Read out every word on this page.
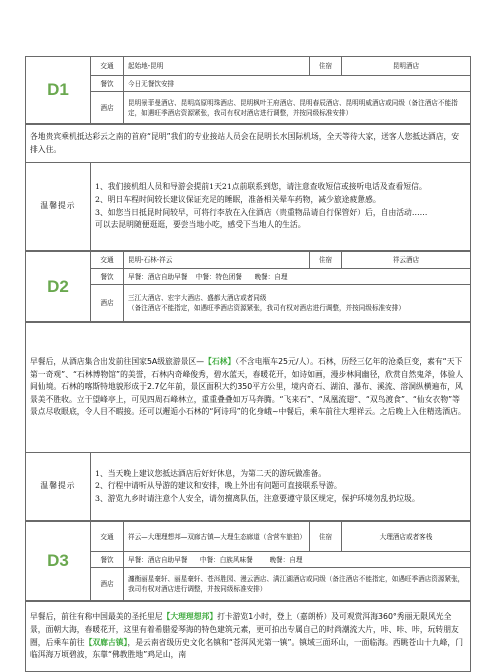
D1	交通	起始地-昆明	住宿	昆明酒店
	餐饮	今日无餐饮安排		
	酒店	昆明景菲曼酒店、昆明高原明珠酒店、昆明枫叶王府酒店、昆明春辰酒店、昆明明威酒店或同级（备注酒店不能指定，如遇旺季酒店资源紧张，我司有权对酒店进行调整，并按同级标准安排）		
各地贵宾乘机抵达彩云之南的首府“昆明”我们的专业接站人员会在昆明长水国际机场，全天等待大家，送客人您抵达酒店，安排入住。
温馨提示	
1、我们接机组人员和导游会提前1天21点前联系到您，请注意查收短信或接听电话及查看短信。
2、明日车程时间较长建议保证充足的睡眠，准备相关晕车药物，减少旅途疲惫感。
3、如您当日抵昆时间较早，可将行李放在入住酒店（贵重物品请自行保管好）后，自由活动……
可以去昆明随便逛逛，要尝当地小吃，感受下当地人的生活。
D2	交通	昆明-石林-祥云	住宿	祥云酒店
	餐饮	早餐：酒店自助早餐 中餐：特色团餐 晚餐：自理		
	酒店	三江大酒店、宏宇大酒店、盛都大酒店或者同级
（备注酒店不能指定，如遇旺季酒店资源紧张，我司有权对酒店进行调整，并按同级标准安排）		
早餐后，从酒店集合出发前往国家5A级旅游景区—【石林】（不含电瓶车25元/人）。石林，历经三亿年的沧桑巨变，素有“天下第一奇观”、“石林博物馆”的美誉，石林内奇峰俊秀，碧水蓝天，春暖花开，如诗如画，漫步林间幽径，欣赏自然鬼斧，体验人间仙境。石林的喀斯特地貌形成于2.7亿年前，景区面积大约350平方公里，境内奇石、湖泊、瀑布、溪流、溶洞纵横遍布，风景美不胜收。立于望峰亭上，可见四周石峰林立，重重叠叠如万马奔腾。“飞来石”、“凤凰流翅”、“双鸟渡食”、“仙女衣物”等景点尽收眼底，令人目不暇接。还可以邂逅小石林的“阿诗玛”的化身峨~中餐后，乘车前往大理祥云。之后晚上入住精选酒店。
温馨提示	
1、当天晚上建议您抵达酒店后好好休息，为第二天的游玩做准备。
2、行程中请听从导游的建议和安排，晚上外出有问题可直接联系导游。
3、游览九乡时请注意个人安全，请勿擅离队伍，注意要遵守景区规定，保护环境勿乱扔垃圾。
D3	交通	祥云—大理理想邦—双廊古镇—大理生态廊道（含营车旅拍）	住宿	大理酒店或者客栈
	餐饮	早餐：酒店自助早餐 中餐：白族风味餐 晚餐：自理		
	酒店	瀍衡丽星豪轩、丽星豪轩、苍洱胜园、漫云酒店、满江湖酒店或同级（备注酒店不能指定，如遇旺季酒店资源紧张，我司有权对酒店进行调整，并按同级标准安排）		
早餐后，前往有称中国最美的圣托里尼【大理理想邦】打卡游览1小时，登上（嘉朗桥）及可观赏洱海360°秀丽无限风光全景，面朝大海，春暖花开，这里有着希腊爱琴海的特色建筑元素，更可拍出专属自己的时尚潮流大片，咔、咔、咔，玩转朋友圈，后乘车前往【双廊古镇】，是云南省级历史文化名镇和“苍洱风光第一镇”。镇域三面环山，一面临海。西眺苍山十九峰，门临洱海万顷碧波，东靠“佛教胜地”鸡足山，南
